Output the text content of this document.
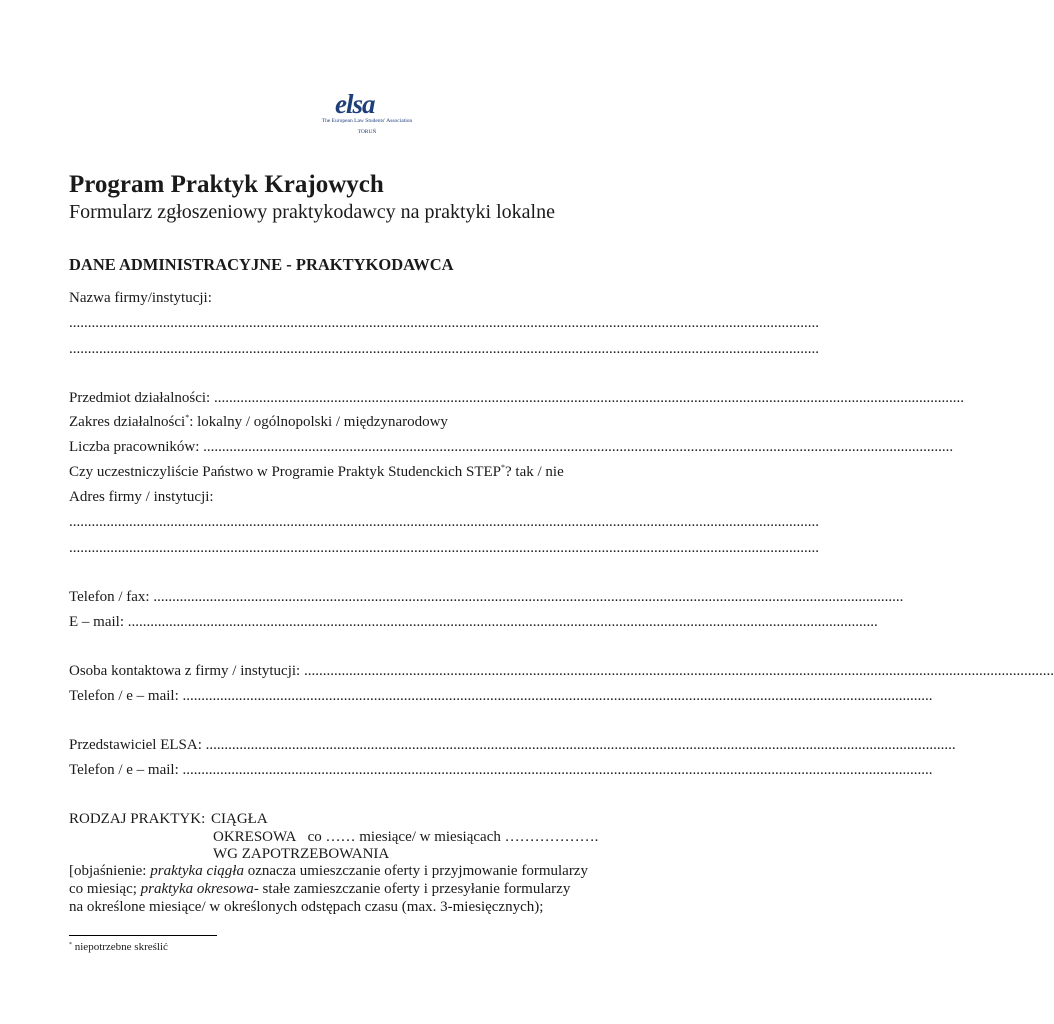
elsa
The European Law Students' Association
TORUŃ
Program Praktyk Krajowych
Formularz zgłoszeniowy praktykodawcy na praktyki lokalne
DANE ADMINISTRACYJNE - PRAKTYKODAWCA
Nazwa firmy/instytucji:
........................................................................................................................................................................................................
........................................................................................................................................................................................................
Przedmiot działalności: ........................................................................................................................................................................................................
Zakres działalności*: lokalny / ogólnopolski / międzynarodowy
Liczba pracowników: ........................................................................................................................................................................................................
Czy uczestniczyliście Państwo w Programie Praktyk Studenckich STEP*? tak / nie
Adres firmy / instytucji:
........................................................................................................................................................................................................
........................................................................................................................................................................................................
Telefon / fax: ........................................................................................................................................................................................................
E – mail: ........................................................................................................................................................................................................
Osoba kontaktowa z firmy / instytucji: ........................................................................................................................................................................................................
Telefon / e – mail: ........................................................................................................................................................................................................
Przedstawiciel ELSA: ........................................................................................................................................................................................................
Telefon / e – mail: ........................................................................................................................................................................................................
RODZAJ PRAKTYK: CIĄGŁA
OKRESOWA co …… miesiące/ w miesiącach ……………….
WG ZAPOTRZEBOWANIA
[objaśnienie: praktyka ciągła oznacza umieszczanie oferty i przyjmowanie formularzy
co miesiąc; praktyka okresowa- stałe zamieszczanie oferty i przesyłanie formularzy
na określone miesiące/ w określonych odstępach czasu (max. 3-miesięcznych);
* niepotrzebne skreślić
